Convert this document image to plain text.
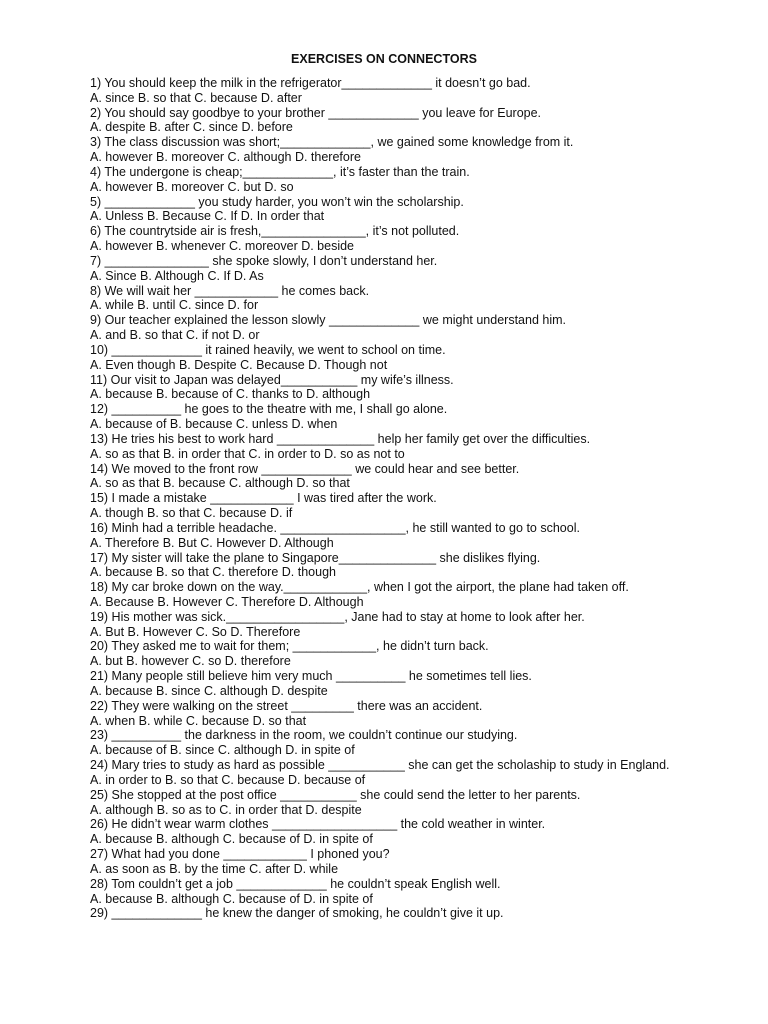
EXERCISES ON CONNECTORS
1) You should keep the milk in the refrigerator_____________ it doesn’t go bad.
A. since B. so that C. because D. after
2) You should say goodbye to your brother _____________ you leave for Europe.
A. despite B. after C. since D. before
3) The class discussion was short;_____________, we gained some knowledge from it.
A. however B. moreover C. although D. therefore
4) The undergone is cheap;_____________, it’s faster than the train.
A. however B. moreover C. but D. so
5) _____________ you study harder, you won’t win the scholarship.
A. Unless B. Because C. If D. In order that
6) The countrytside air is fresh,_______________, it’s not polluted.
A. however B. whenever C. moreover D. beside
7) _______________ she spoke slowly, I don’t understand her.
A. Since B. Although C. If D. As
8) We will wait her ____________ he comes back.
A. while B. until C. since D. for
9) Our teacher explained the lesson slowly _____________ we might understand him.
A. and B. so that C. if not D. or
10) _____________ it rained heavily, we went to school on time.
A. Even though B. Despite C. Because D. Though not
11) Our visit to Japan was delayed___________ my wife’s illness.
A. because B. because of C. thanks to D. although
12) __________ he goes to the theatre with me, I shall go alone.
A. because of B. because C. unless D. when
13) He tries his best to work hard ______________ help her family get over the difficulties.
A. so as that B. in order that C. in order to D. so as not to
14) We moved to the front row _____________ we could hear and see better.
A. so as that B. because C. although D. so that
15) I made a mistake ____________ I was tired after the work.
A. though B. so that C. because D. if
16) Minh had a terrible headache. __________________, he still wanted to go to school.
A. Therefore B. But C. However D. Although
17) My sister will take the plane to Singapore______________ she dislikes flying.
A. because B. so that C. therefore D. though
18) My car broke down on the way.____________, when I got the airport, the plane had taken off.
A. Because B. However C. Therefore D. Although
19) His mother was sick._________________, Jane had to stay at home to look after her.
A. But B. However C. So D. Therefore
20) They asked me to wait for them; ____________, he didn’t turn back.
A. but B. however C. so D. therefore
21) Many people still believe him very much __________ he sometimes tell lies.
A. because B. since C. although D. despite
22) They were walking on the street _________ there was an accident.
A. when B. while C. because D. so that
23) __________ the darkness in the room, we couldn’t continue our studying.
A. because of B. since C. although D. in spite of
24) Mary tries to study as hard as possible ___________ she can get the scholaship to study in England.
A. in order to B. so that C. because D. because of
25) She stopped at the post office ___________ she could send the letter to her parents.
A. although B. so as to C. in order that D. despite
26) He didn’t wear warm clothes __________________ the cold weather in winter.
A. because B. although C. because of D. in spite of
27) What had you done ____________ I phoned you?
A. as soon as B. by the time C. after D. while
28) Tom couldn’t get a job _____________ he couldn’t speak English well.
A. because B. although C. because of D. in spite of
29) _____________ he knew the danger of smoking, he couldn’t give it up.
